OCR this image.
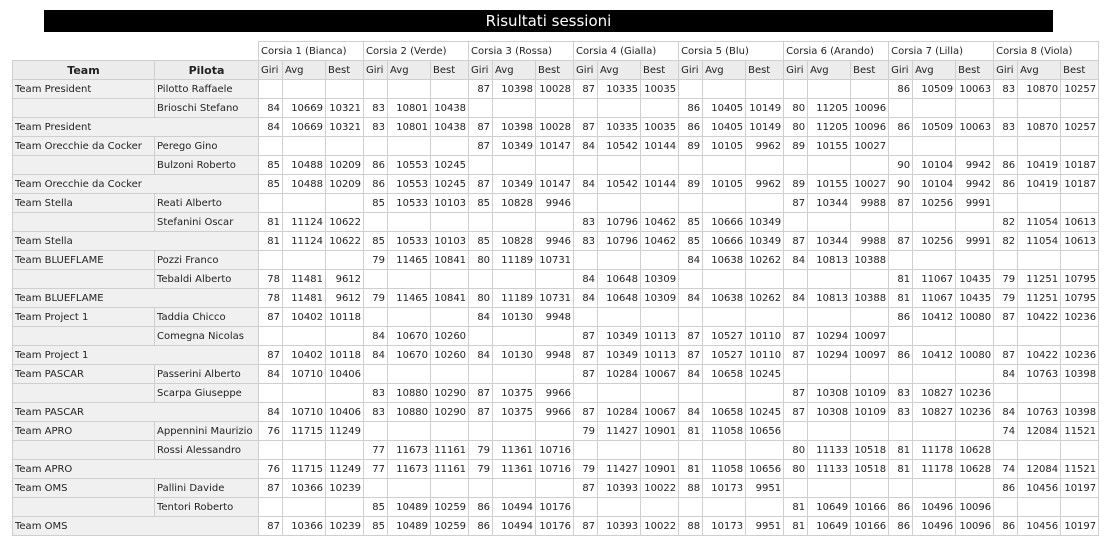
Risultati sessioni
		Corsia 1 (Bianca)			Corsia 2 (Verde)			Corsia 3 (Rossa)			Corsia 4 (Gialla)			Corsia 5 (Blu)			Corsia 6 (Arando)			Corsia 7 (Lilla)			Corsia 8 (Viola)		
Team	Pilota	Giri	Avg	Best	Giri	Avg	Best	Giri	Avg	Best	Giri	Avg	Best	Giri	Avg	Best	Giri	Avg	Best	Giri	Avg	Best	Giri	Avg	Best
Team President	Pilotto Raffaele							87	10398	10028	87	10335	10035							86	10509	10063	83	10870	10257
	Brioschi Stefano	84	10669	10321	83	10801	10438							86	10405	10149	80	11205	10096						
Team President		84	10669	10321	83	10801	10438	87	10398	10028	87	10335	10035	86	10405	10149	80	11205	10096	86	10509	10063	83	10870	10257
Team Orecchie da Cocker	Perego Gino							87	10349	10147	84	10542	10144	89	10105	9962	89	10155	10027						
	Bulzoni Roberto	85	10488	10209	86	10553	10245													90	10104	9942	86	10419	10187
Team Orecchie da Cocker		85	10488	10209	86	10553	10245	87	10349	10147	84	10542	10144	89	10105	9962	89	10155	10027	90	10104	9942	86	10419	10187
Team Stella	Reati Alberto				85	10533	10103	85	10828	9946							87	10344	9988	87	10256	9991			
	Stefanini Oscar	81	11124	10622							83	10796	10462	85	10666	10349							82	11054	10613
Team Stella		81	11124	10622	85	10533	10103	85	10828	9946	83	10796	10462	85	10666	10349	87	10344	9988	87	10256	9991	82	11054	10613
Team BLUEFLAME	Pozzi Franco				79	11465	10841	80	11189	10731				84	10638	10262	84	10813	10388						
	Tebaldi Alberto	78	11481	9612							84	10648	10309							81	11067	10435	79	11251	10795
Team BLUEFLAME		78	11481	9612	79	11465	10841	80	11189	10731	84	10648	10309	84	10638	10262	84	10813	10388	81	11067	10435	79	11251	10795
Team Project 1	Taddia Chicco	87	10402	10118				84	10130	9948										86	10412	10080	87	10422	10236
	Comegna Nicolas				84	10670	10260				87	10349	10113	87	10527	10110	87	10294	10097						
Team Project 1		87	10402	10118	84	10670	10260	84	10130	9948	87	10349	10113	87	10527	10110	87	10294	10097	86	10412	10080	87	10422	10236
Team PASCAR	Passerini Alberto	84	10710	10406							87	10284	10067	84	10658	10245							84	10763	10398
	Scarpa Giuseppe				83	10880	10290	87	10375	9966							87	10308	10109	83	10827	10236			
Team PASCAR		84	10710	10406	83	10880	10290	87	10375	9966	87	10284	10067	84	10658	10245	87	10308	10109	83	10827	10236	84	10763	10398
Team APRO	Appennini Maurizio	76	11715	11249							79	11427	10901	81	11058	10656							74	12084	11521
	Rossi Alessandro				77	11673	11161	79	11361	10716							80	11133	10518	81	11178	10628			
Team APRO		76	11715	11249	77	11673	11161	79	11361	10716	79	11427	10901	81	11058	10656	80	11133	10518	81	11178	10628	74	12084	11521
Team OMS	Pallini Davide	87	10366	10239							87	10393	10022	88	10173	9951							86	10456	10197
	Tentori Roberto				85	10489	10259	86	10494	10176							81	10649	10166	86	10496	10096			
Team OMS		87	10366	10239	85	10489	10259	86	10494	10176	87	10393	10022	88	10173	9951	81	10649	10166	86	10496	10096	86	10456	10197
